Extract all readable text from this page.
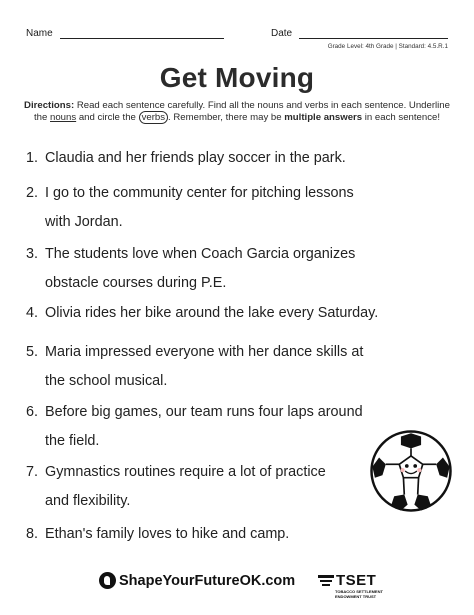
Name	Date
Grade Level: 4th Grade | Standard: 4.5.R.1
Get Moving
Directions: Read each sentence carefully. Find all the nouns and verbs in each sentence. Underline the nouns and circle the verbs . Remember, there may be multiple answers in each sentence!
1. Claudia and her friends play soccer in the park.
2. I go to the community center for pitching lessons
with Jordan.
3. The students love when Coach Garcia organizes
obstacle courses during P.E.
4. Olivia rides her bike around the lake every Saturday.
5. Maria impressed everyone with her dance skills at
the school musical.
6. Before big games, our team runs four laps around
the field.
7. Gymnastics routines require a lot of practice
and flexibility.
8. Ethan's family loves to hike and camp.
ShapeYourFutureOK.com	TSET
TOBACCO SETTLEMENT
ENDOWMENT TRUST
